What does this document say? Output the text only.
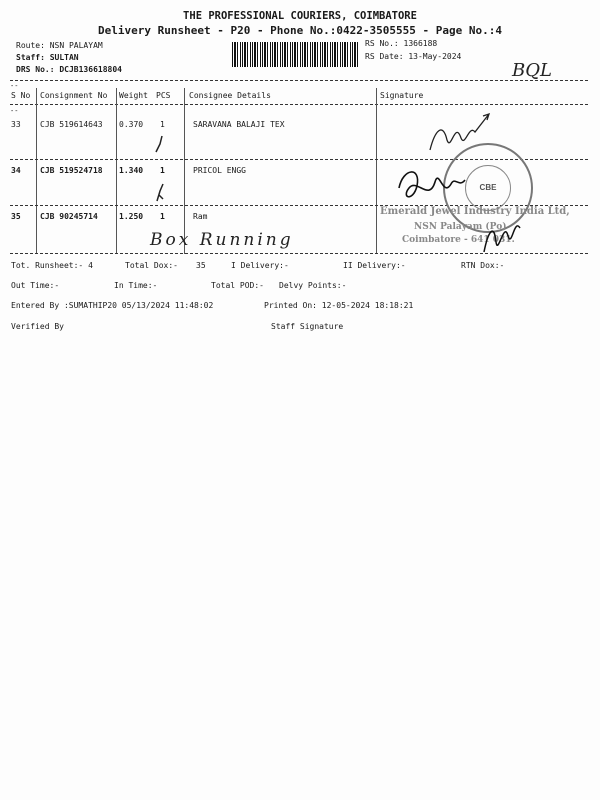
THE PROFESSIONAL COURIERS, COIMBATORE
Delivery Runsheet - P20 - Phone No.:0422-3505555 - Page No.:4
Route: NSN PALAYAM
Staff: SULTAN
DRS No.: DCJB136618804
RS No.: 1366188
RS Date: 13-May-2024
BQL
--
S No Consignment No Weight PCS Consignee Details	Signature
--
33 CJB 519614643 0.370 1	SARAVANA BALAJI TEX
34 CJB 519524718 1.340 1	PRICOL ENGG
35 CJB 90245714	1.250 1	Ram
Box Running
CBE
Emerald Jewel Industry India Ltd,
NSN Palayam (Po)
Coimbatore - 641 031.
Tot. Runsheet:- 4	Total Dox:- 35	I Delivery:-	II Delivery:-	RTN Dox:-
Out Time:-	In Time:-	Total POD:- Delvy Points:-
Entered By :SUMATHIP20 05/13/2024 11:48:02	Printed On: 12-05-2024 18:18:21
Verified By	Staff Signature
